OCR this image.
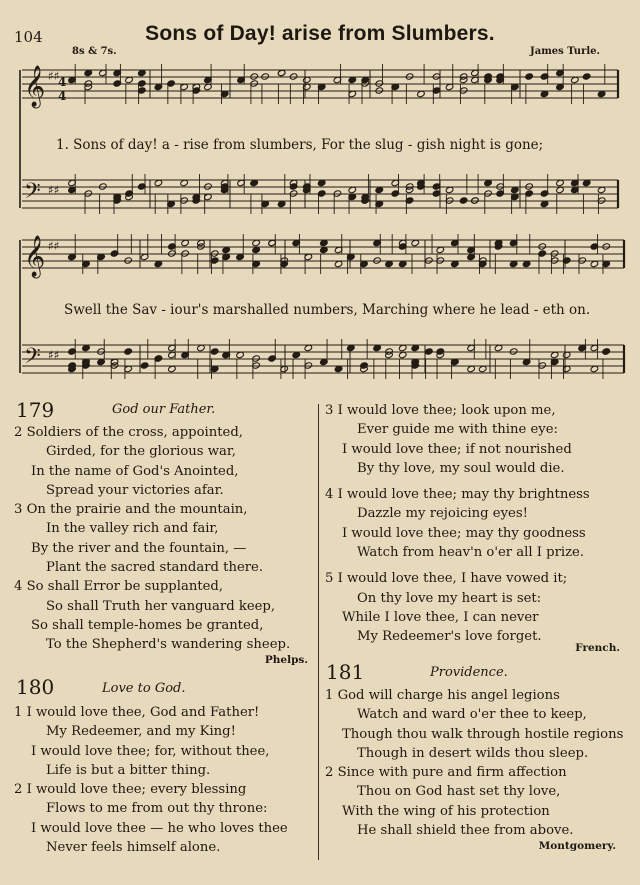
104	Sons of Day! arise from Slumbers.
8s & 7s.	James Turle.
𝄞
𝄢
♯♯
♯♯
4
4
𝄞
𝄢
♯♯
♯♯
1. Sons of day! a - rise from slumbers, For the slug - gish night is gone;
Swell the Sav - iour's marshalled numbers, Marching where he lead - eth on.
179	God our Father.
2 Soldiers of the cross, appointed,
Girded, for the glorious war,
In the name of God's Anointed,
Spread your victories afar.
3 On the prairie and the mountain,
In the valley rich and fair,
By the river and the fountain, —
Plant the sacred standard there.
4 So shall Error be supplanted,
So shall Truth her vanguard keep,
So shall temple-homes be granted,
To the Shepherd's wandering sheep.
Phelps.
180	Love to God.
1 I would love thee, God and Father!
My Redeemer, and my King!
I would love thee; for, without thee,
Life is but a bitter thing.
2 I would love thee; every blessing
Flows to me from out thy throne:
I would love thee — he who loves thee
Never feels himself alone.
3 I would love thee; look upon me,
Ever guide me with thine eye:
I would love thee; if not nourished
By thy love, my soul would die.
4 I would love thee; may thy brightness
Dazzle my rejoicing eyes!
I would love thee; may thy goodness
Watch from heav'n o'er all I prize.
5 I would love thee, I have vowed it;
On thy love my heart is set:
While I love thee, I can never
My Redeemer's love forget.
French.
181	Providence.
1 God will charge his angel legions
Watch and ward o'er thee to keep,
Though thou walk through hostile regions
Though in desert wilds thou sleep.
2 Since with pure and firm affection
Thou on God hast set thy love,
With the wing of his protection
He shall shield thee from above.
Montgomery.
